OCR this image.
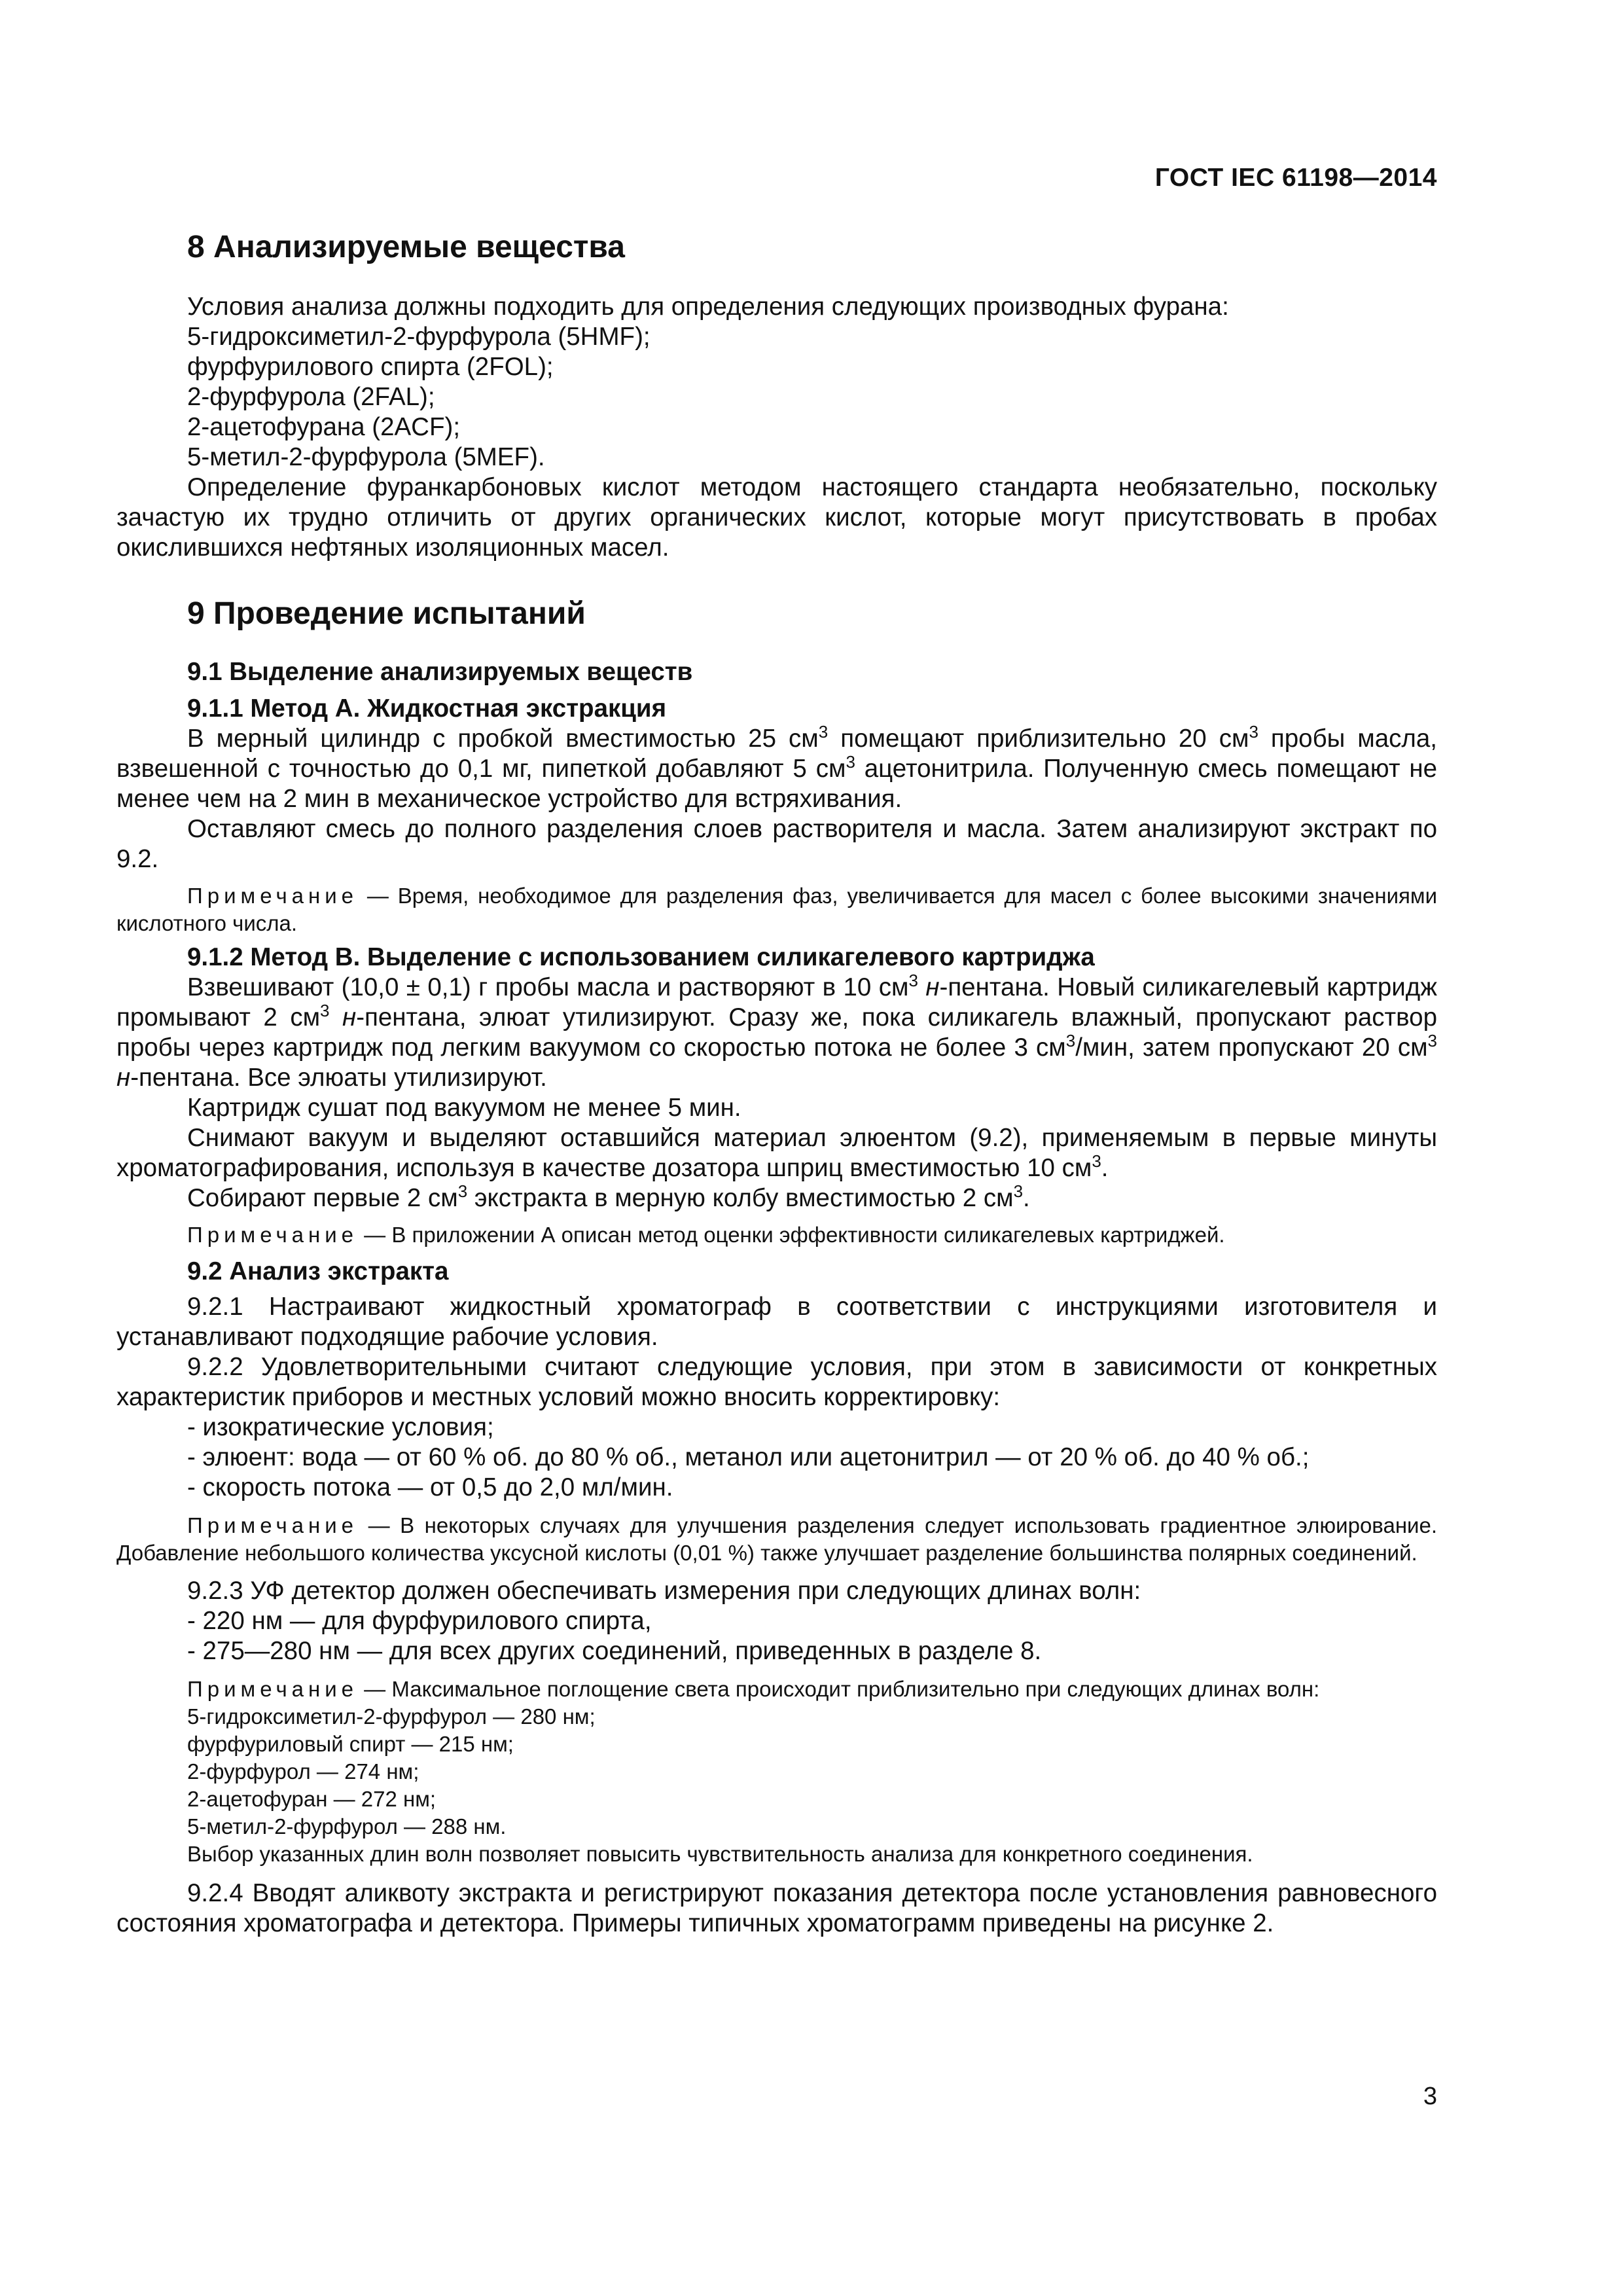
ГОСТ IEC 61198—2014

8 Анализируемые вещества

Условия анализа должны подходить для определения следующих производных фурана:

5-гидроксиметил-2-фурфурола (5HMF);

фурфурилового спирта (2FOL);

2-фурфурола (2FAL);

2-ацетофурана (2ACF);

5-метил-2-фурфурола (5MEF).

Определение фуранкарбоновых кислот методом настоящего стандарта необязательно, поскольку зачастую их трудно отличить от других органических кислот, которые могут присутствовать в пробах окислившихся нефтяных изоляционных масел.

9 Проведение испытаний

9.1 Выделение анализируемых веществ

9.1.1 Метод А. Жидкостная экстракция

В мерный цилиндр с пробкой вместимостью 25 $см^3$ помещают приблизительно 20 $см^3$ пробы масла, взвешенной с точностью до 0,1 мг, пипеткой добавляют 5 $см^3$ ацетонитрила. Полученную смесь помещают не менее чем на 2 мин в механическое устройство для встряхивания.

Оставляют смесь до полного разделения слоев растворителя и масла. Затем анализируют экстракт по 9.2.

Примечание — Время, необходимое для разделения фаз, увеличивается для масел с более высокими значениями кислотного числа.

9.1.2 Метод В. Выделение с использованием силикагелевого картриджа

Взвешивают (10,0 ± 0,1) г пробы масла и растворяют в 10 $см^3$ н-пентана. Новый силикагелевый картридж промывают 2 $см^3$ н-пентана, элюат утилизируют. Сразу же, пока силикагель влажный, пропускают раствор пробы через картридж под легким вакуумом со скоростью потока не более 3 $см^3$/мин, затем пропускают 20 $см^3$ н-пентана. Все элюаты утилизируют.

Картридж сушат под вакуумом не менее 5 мин.

Снимают вакуум и выделяют оставшийся материал элюентом (9.2), применяемым в первые минуты хроматографирования, используя в качестве дозатора шприц вместимостью 10 $см^3$.

Собирают первые 2 $см^3$ экстракта в мерную колбу вместимостью 2 $см^3$.

Примечание — В приложении А описан метод оценки эффективности силикагелевых картриджей.

9.2 Анализ экстракта

9.2.1 Настраивают жидкостный хроматограф в соответствии с инструкциями изготовителя и устанавливают подходящие рабочие условия.

9.2.2 Удовлетворительными считают следующие условия, при этом в зависимости от конкретных характеристик приборов и местных условий можно вносить корректировку:

- изократические условия;

- элюент: вода — от 60 % об. до 80 % об., метанол или ацетонитрил — от 20 % об. до 40 % об.;

- скорость потока — от 0,5 до 2,0 мл/мин.

Примечание — В некоторых случаях для улучшения разделения следует использовать градиентное элюирование. Добавление небольшого количества уксусной кислоты (0,01 %) также улучшает разделение большинства полярных соединений.

9.2.3 УФ детектор должен обеспечивать измерения при следующих длинах волн:

- 220 нм — для фурфурилового спирта,

- 275—280 нм — для всех других соединений, приведенных в разделе 8.

Примечание — Максимальное поглощение света происходит приблизительно при следующих длинах волн:

5-гидроксиметил-2-фурфурол — 280 нм;

фурфуриловый спирт — 215 нм;

2-фурфурол — 274 нм;

2-ацетофуран — 272 нм;

5-метил-2-фурфурол — 288 нм.

Выбор указанных длин волн позволяет повысить чувствительность анализа для конкретного соединения.

9.2.4 Вводят аликвоту экстракта и регистрируют показания детектора после установления равновесного состояния хроматографа и детектора. Примеры типичных хроматограмм приведены на рисунке 2.

3
